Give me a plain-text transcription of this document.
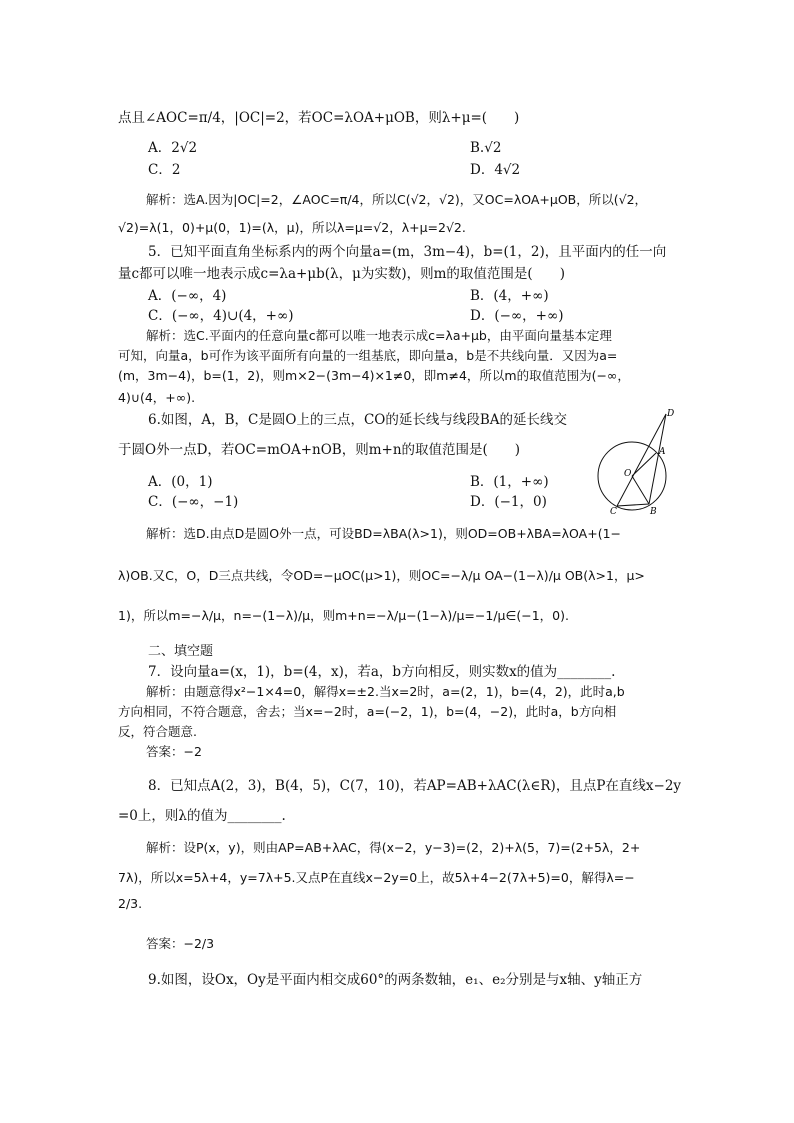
点且∠AOC=π/4，|OC|=2，若OC=λOA+μOB，则λ+μ=(　　)
A．2√2	B.√2
C．2	D．4√2
解析：选A.因为|OC|=2，∠AOC=π/4，所以C(√2，√2)，又OC=λOA+μOB，所以(√2，
√2)=λ(1，0)+μ(0，1)=(λ，μ)，所以λ=μ=√2，λ+μ=2√2.
5．已知平面直角坐标系内的两个向量a=(m，3m−4)，b=(1，2)，且平面内的任一向
量c都可以唯一地表示成c=λa+μb(λ，μ为实数)，则m的取值范围是(　　)
A．(−∞，4)	B．(4，+∞)
C．(−∞，4)∪(4，+∞)	D．(−∞，+∞)
解析：选C.平面内的任意向量c都可以唯一地表示成c=λa+μb，由平面向量基本定理
可知，向量a，b可作为该平面所有向量的一组基底，即向量a，b是不共线向量．又因为a=
(m，3m−4)，b=(1，2)，则m×2−(3m−4)×1≠0，即m≠4，所以m的取值范围为(−∞，
4)∪(4，+∞).
6.如图，A，B，C是圆O上的三点，CO的延长线与线段BA的延长线交
于圆O外一点D，若OC=mOA+nOB，则m+n的取值范围是(　　)
A．(0，1)	B．(1，+∞)
C．(−∞，−1)	D．(−1，0)
D
A
O
C	B
解析：选D.由点D是圆O外一点，可设BD=λBA(λ>1)，则OD=OB+λBA=λOA+(1−
λ)OB.又C，O，D三点共线，令OD=−μOC(μ>1)，则OC=−λ/μ OA−(1−λ)/μ OB(λ>1，μ>
1)，所以m=−λ/μ，n=−(1−λ)/μ，则m+n=−λ/μ−(1−λ)/μ=−1/μ∈(−1，0).
二、填空题
7．设向量a=(x，1)，b=(4，x)，若a，b方向相反，则实数x的值为________.
解析：由题意得x²−1×4=0，解得x=±2.当x=2时，a=(2，1)，b=(4，2)，此时a,b
方向相同，不符合题意，舍去；当x=−2时，a=(−2，1)，b=(4，−2)，此时a，b方向相
反，符合题意.
答案：−2
8．已知点A(2，3)，B(4，5)，C(7，10)，若AP=AB+λAC(λ∈R)，且点P在直线x−2y
=0上，则λ的值为________.
解析：设P(x，y)，则由AP=AB+λAC，得(x−2，y−3)=(2，2)+λ(5，7)=(2+5λ，2+
7λ)，所以x=5λ+4，y=7λ+5.又点P在直线x−2y=0上，故5λ+4−2(7λ+5)=0，解得λ=−
2/3.
答案：−2/3
9.如图，设Ox，Oy是平面内相交成60°的两条数轴，e₁、e₂分别是与x轴、y轴正方
